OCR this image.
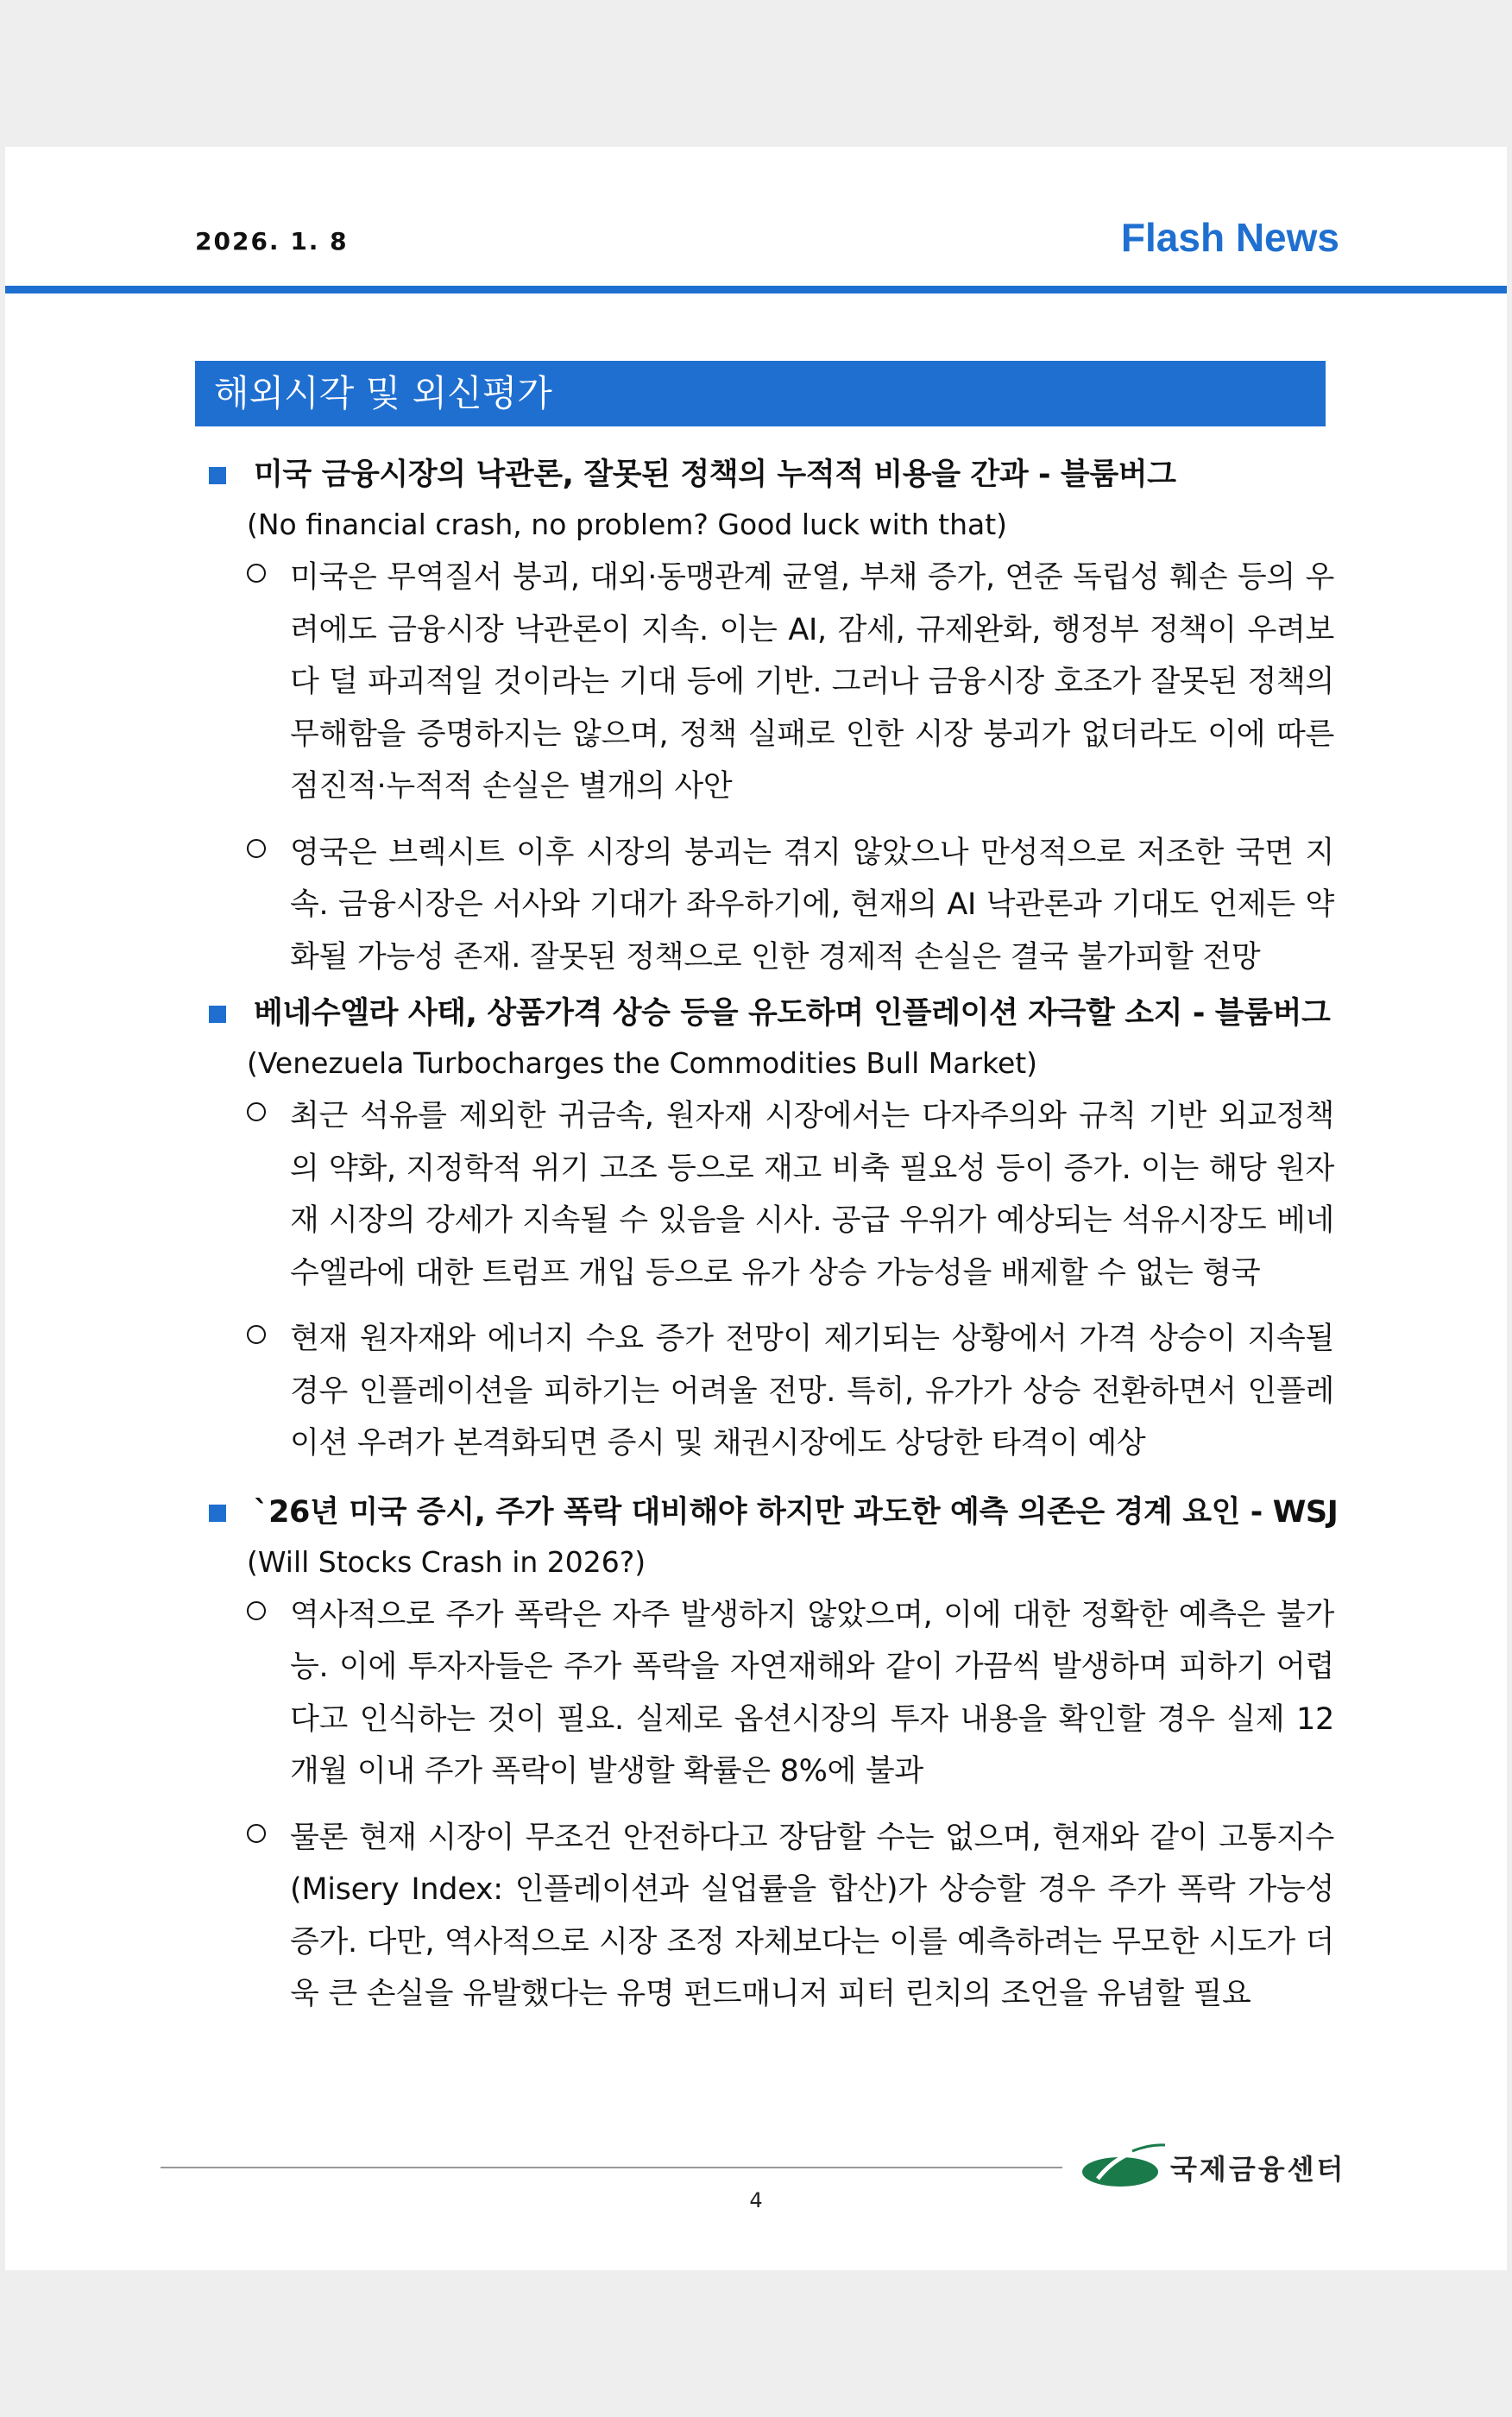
2026. 1. 8	Flash News
해외시각 및 외신평가
미국 금융시장의 낙관론, 잘못된 정책의 누적적 비용을 간과 - 블룸버그
(No financial crash, no problem? Good luck with that)
미국은 무역질서 붕괴, 대외·동맹관계 균열, 부채 증가, 연준 독립성 훼손 등의 우려에도 금융시장 낙관론이 지속. 이는 AI, 감세, 규제완화, 행정부 정책이 우려보다 덜 파괴적일 것이라는 기대 등에 기반. 그러나 금융시장 호조가 잘못된 정책의 무해함을 증명하지는 않으며, 정책 실패로 인한 시장 붕괴가 없더라도 이에 따른 점진적·누적적 손실은 별개의 사안
영국은 브렉시트 이후 시장의 붕괴는 겪지 않았으나 만성적으로 저조한 국면 지속. 금융시장은 서사와 기대가 좌우하기에, 현재의 AI 낙관론과 기대도 언제든 약화될 가능성 존재. 잘못된 정책으로 인한 경제적 손실은 결국 불가피할 전망
베네수엘라 사태, 상품가격 상승 등을 유도하며 인플레이션 자극할 소지 - 블룸버그
(Venezuela Turbocharges the Commodities Bull Market)
최근 석유를 제외한 귀금속, 원자재 시장에서는 다자주의와 규칙 기반 외교정책의 약화, 지정학적 위기 고조 등으로 재고 비축 필요성 등이 증가. 이는 해당 원자재 시장의 강세가 지속될 수 있음을 시사. 공급 우위가 예상되는 석유시장도 베네수엘라에 대한 트럼프 개입 등으로 유가 상승 가능성을 배제할 수 없는 형국
현재 원자재와 에너지 수요 증가 전망이 제기되는 상황에서 가격 상승이 지속될 경우 인플레이션을 피하기는 어려울 전망. 특히, 유가가 상승 전환하면서 인플레이션 우려가 본격화되면 증시 및 채권시장에도 상당한 타격이 예상
`26년 미국 증시, 주가 폭락 대비해야 하지만 과도한 예측 의존은 경계 요인 - WSJ
(Will Stocks Crash in 2026?)
역사적으로 주가 폭락은 자주 발생하지 않았으며, 이에 대한 정확한 예측은 불가능. 이에 투자자들은 주가 폭락을 자연재해와 같이 가끔씩 발생하며 피하기 어렵다고 인식하는 것이 필요. 실제로 옵션시장의 투자 내용을 확인할 경우 실제 12개월 이내 주가 폭락이 발생할 확률은 8%에 불과
물론 현재 시장이 무조건 안전하다고 장담할 수는 없으며, 현재와 같이 고통지수(Misery Index: 인플레이션과 실업률을 합산)가 상승할 경우 주가 폭락 가능성 증가. 다만, 역사적으로 시장 조정 자체보다는 이를 예측하려는 무모한 시도가 더욱 큰 손실을 유발했다는 유명 펀드매니저 피터 린치의 조언을 유념할 필요
국제금융센터
4
